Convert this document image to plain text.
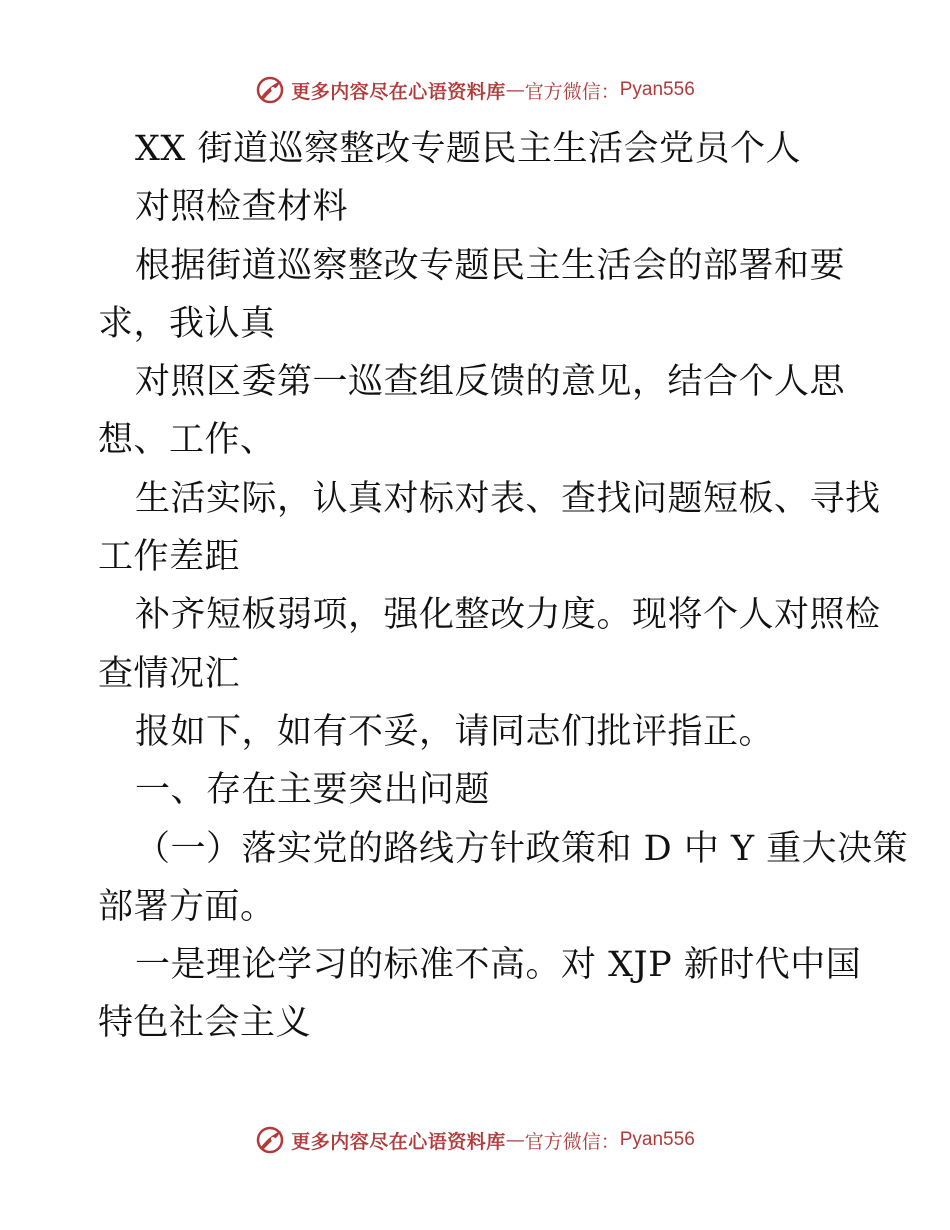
更多内容尽在心语资料库 — 官方微信： Pyan556
XX 街道巡察整改专题民主生活会党员个人
对照检查材料
根据街道巡察整改专题民主生活会的部署和要
求，我认真
对照区委第一巡查组反馈的意见，结合个人思
想、工作、
生活实际，认真对标对表、查找问题短板、寻找
工作差距
补齐短板弱项，强化整改力度。现将个人对照检
查情况汇
报如下，如有不妥，请同志们批评指正。
一、存在主要突出问题
（一）落实党的路线方针政策和 D 中 Y 重大决策
部署方面。
一是理论学习的标准不高。对 XJP 新时代中国
特色社会主义
更多内容尽在心语资料库 — 官方微信： Pyan556
